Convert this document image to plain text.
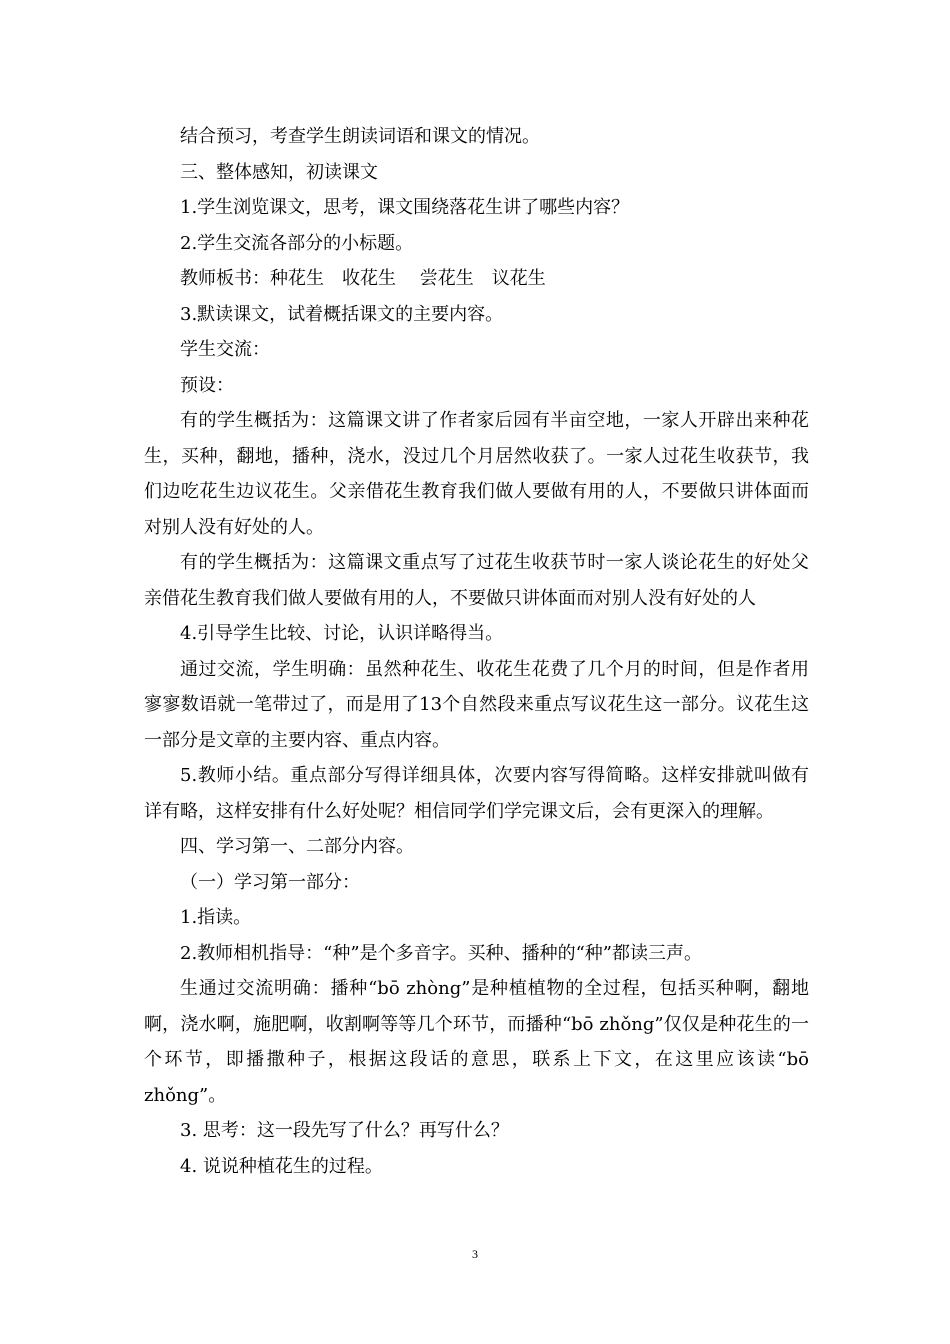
结合预习，考查学生朗读词语和课文的情况。

三、整体感知，初读课文

1.学生浏览课文，思考，课文围绕落花生讲了哪些内容？

2.学生交流各部分的小标题。

教师板书：种花生　收花生　 尝花生　议花生

3.默读课文，试着概括课文的主要内容。

学生交流：

预设：

有的学生概括为：这篇课文讲了作者家后园有半亩空地，一家人开辟出来种花生，买种，翻地，播种，浇水，没过几个月居然收获了。一家人过花生收获节，我们边吃花生边议花生。父亲借花生教育我们做人要做有用的人，不要做只讲体面而对别人没有好处的人。

有的学生概括为：这篇课文重点写了过花生收获节时一家人谈论花生的好处父亲借花生教育我们做人要做有用的人，不要做只讲体面而对别人没有好处的人

4.引导学生比较、讨论，认识详略得当。

通过交流，学生明确：虽然种花生、收花生花费了几个月的时间，但是作者用寥寥数语就一笔带过了，而是用了13个自然段来重点写议花生这一部分。议花生这一部分是文章的主要内容、重点内容。

5.教师小结。重点部分写得详细具体，次要内容写得简略。这样安排就叫做有详有略，这样安排有什么好处呢？相信同学们学完课文后，会有更深入的理解。

四、学习第一、二部分内容。

（一）学习第一部分：

1.指读。

2.教师相机指导：“种”是个多音字。买种、播种的“种”都读三声。

生通过交流明确：播种“bō zhòng”是种植植物的全过程，包括买种啊，翻地啊，浇水啊，施肥啊，收割啊等等几个环节，而播种“bō zhǒng”仅仅是种花生的一个环节，即播撒种子，根据这段话的意思，联系上下文，在这里应该读“bō zhǒng”。

3. 思考：这一段先写了什么？再写什么？

4. 说说种植花生的过程。

3
